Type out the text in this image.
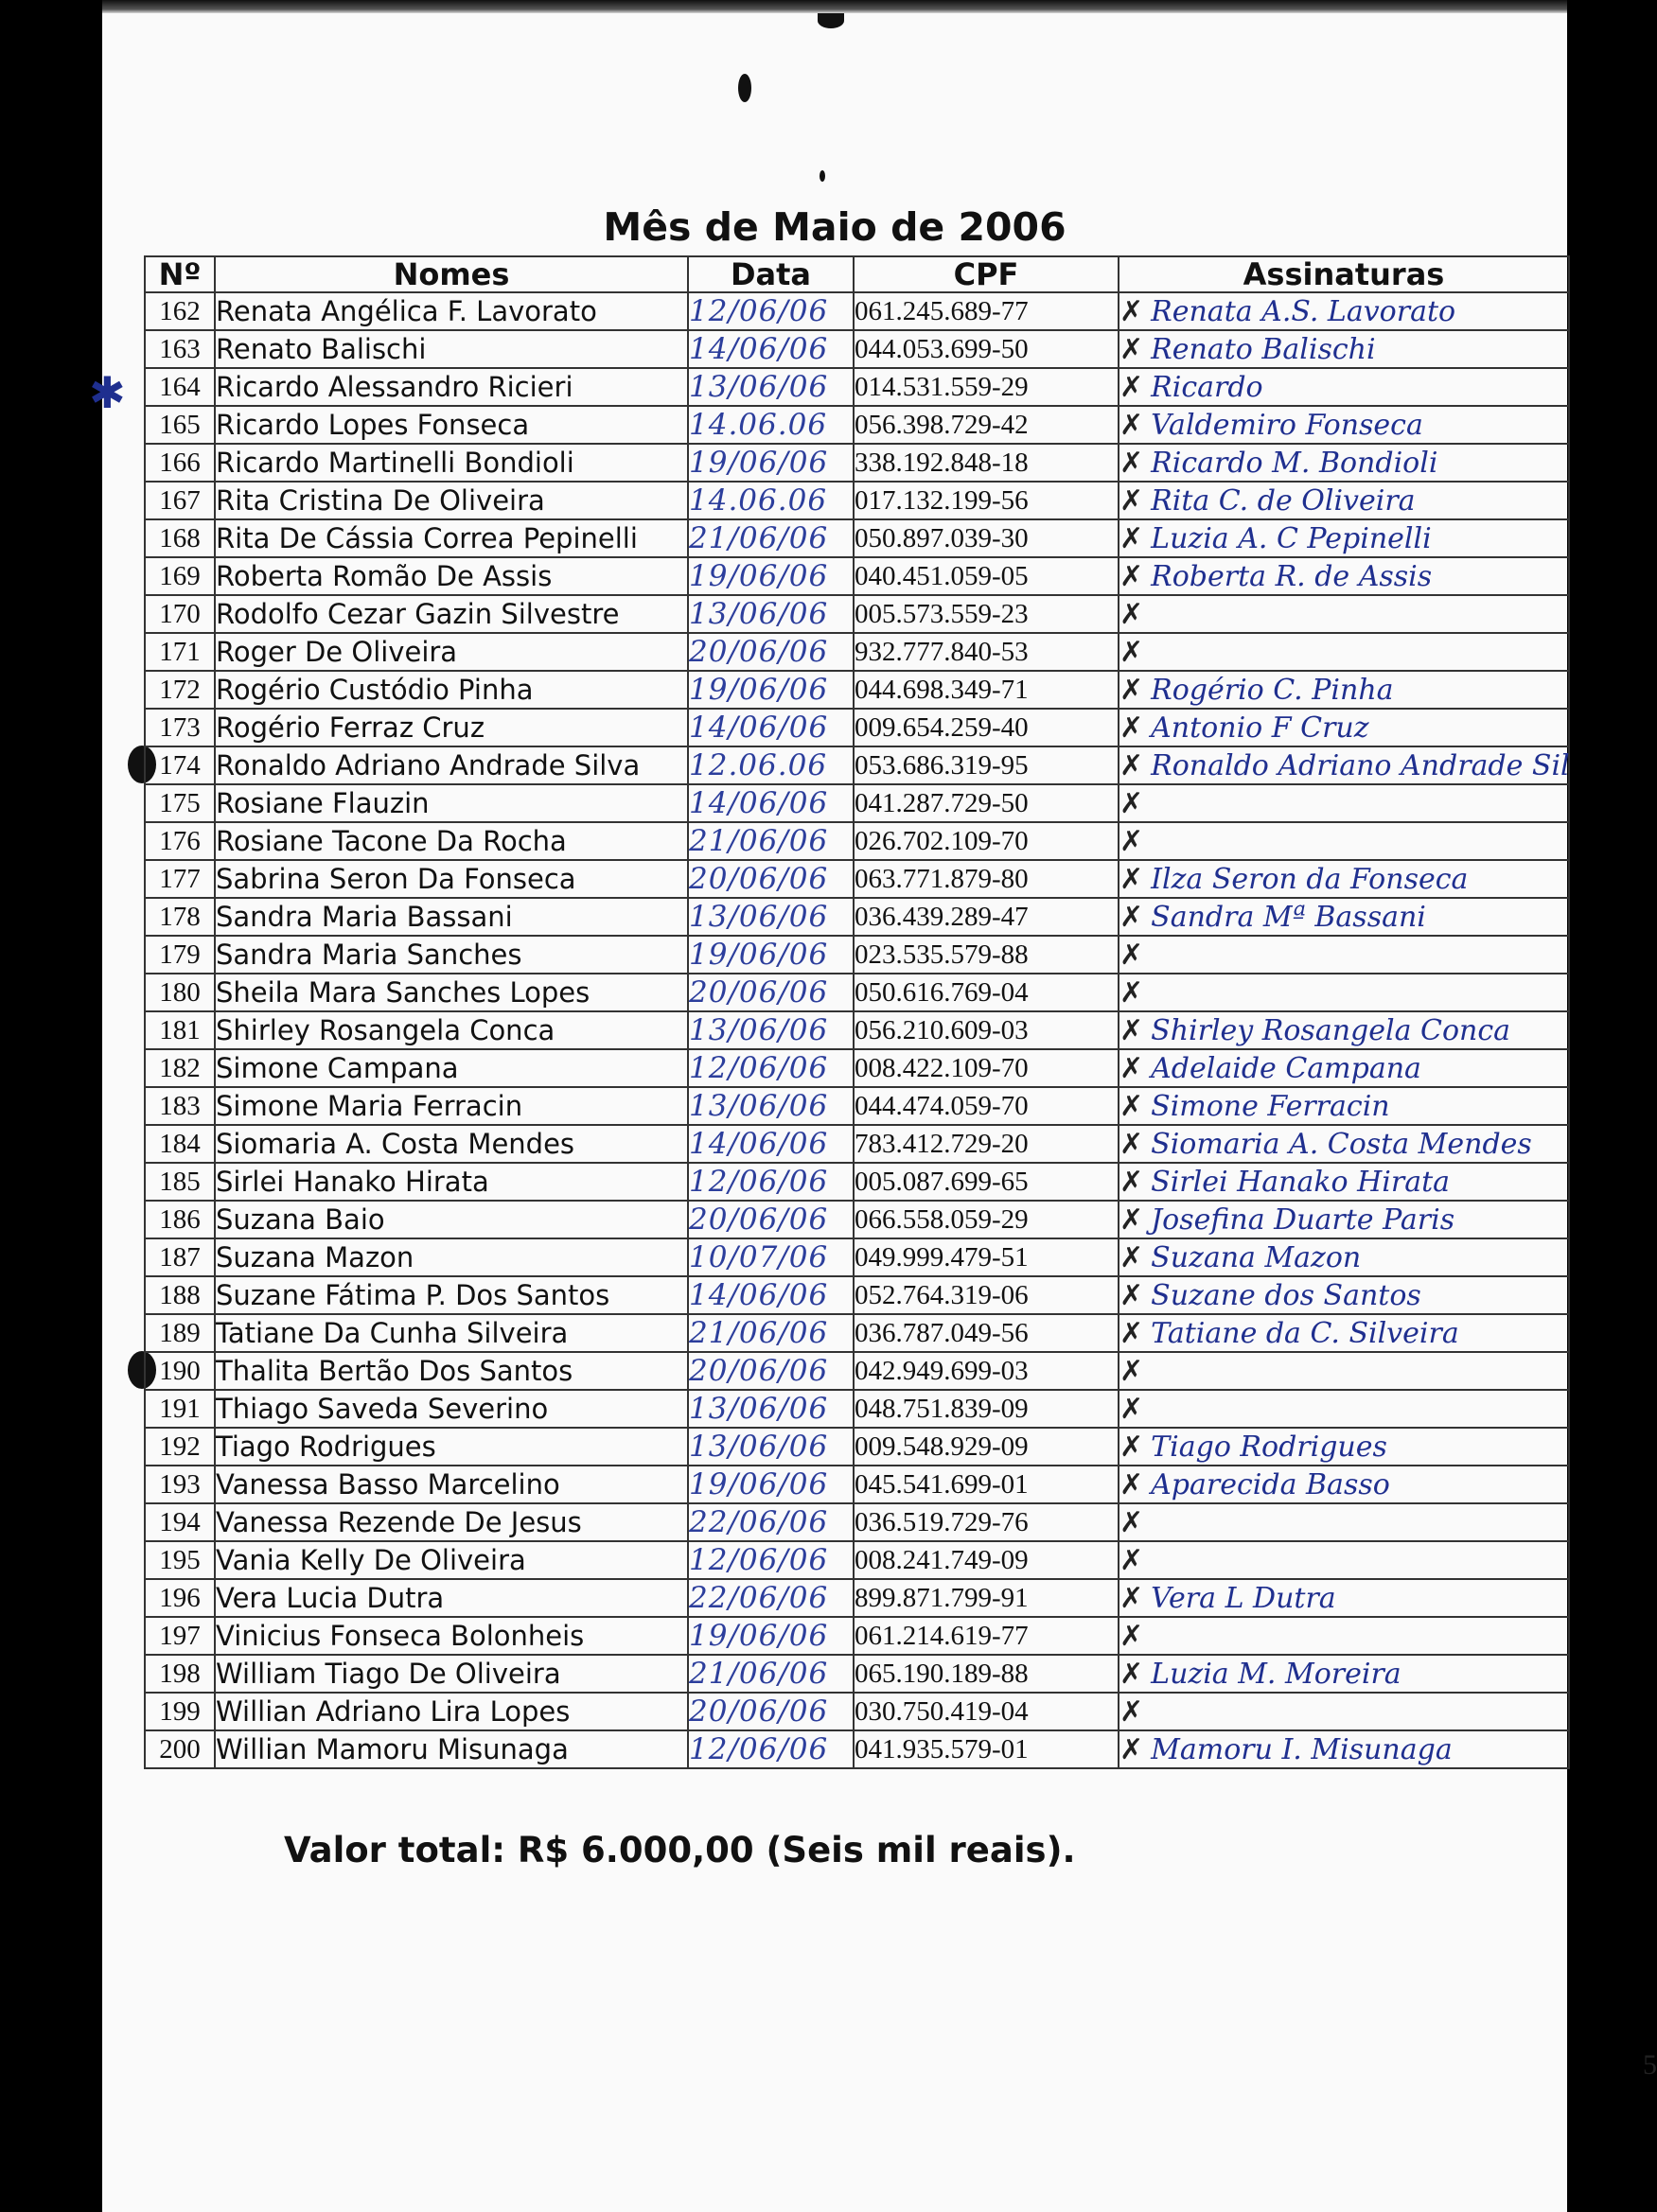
Mês de Maio de 2006
5
Valor total: R$ 6.000,00 (Seis mil reais).
✱
Nº	Nomes	Data	CPF	Assinaturas
162	Renata Angélica F. Lavorato	12/06/06	061.245.689-77	✗ Renata A.S. Lavorato
163	Renato Balischi	14/06/06	044.053.699-50	✗ Renato Balischi
164	Ricardo Alessandro Ricieri	13/06/06	014.531.559-29	✗ Ricardo
165	Ricardo Lopes Fonseca	14.06.06	056.398.729-42	✗ Valdemiro Fonseca
166	Ricardo Martinelli Bondioli	19/06/06	338.192.848-18	✗ Ricardo M. Bondioli
167	Rita Cristina De Oliveira	14.06.06	017.132.199-56	✗ Rita C. de Oliveira
168	Rita De Cássia Correa Pepinelli	21/06/06	050.897.039-30	✗ Luzia A. C Pepinelli
169	Roberta Romão De Assis	19/06/06	040.451.059-05	✗ Roberta R. de Assis
170	Rodolfo Cezar Gazin Silvestre	13/06/06	005.573.559-23	✗
171	Roger De Oliveira	20/06/06	932.777.840-53	✗
172	Rogério Custódio Pinha	19/06/06	044.698.349-71	✗ Rogério C. Pinha
173	Rogério Ferraz Cruz	14/06/06	009.654.259-40	✗ Antonio F Cruz
174	Ronaldo Adriano Andrade Silva	12.06.06	053.686.319-95	✗ Ronaldo Adriano Andrade Sil
175	Rosiane Flauzin	14/06/06	041.287.729-50	✗
176	Rosiane Tacone Da Rocha	21/06/06	026.702.109-70	✗
177	Sabrina Seron Da Fonseca	20/06/06	063.771.879-80	✗ Ilza Seron da Fonseca
178	Sandra Maria Bassani	13/06/06	036.439.289-47	✗ Sandra Mª Bassani
179	Sandra Maria Sanches	19/06/06	023.535.579-88	✗
180	Sheila Mara Sanches Lopes	20/06/06	050.616.769-04	✗
181	Shirley Rosangela Conca	13/06/06	056.210.609-03	✗ Shirley Rosangela Conca
182	Simone Campana	12/06/06	008.422.109-70	✗ Adelaide Campana
183	Simone Maria Ferracin	13/06/06	044.474.059-70	✗ Simone Ferracin
184	Siomaria A. Costa Mendes	14/06/06	783.412.729-20	✗ Siomaria A. Costa Mendes
185	Sirlei Hanako Hirata	12/06/06	005.087.699-65	✗ Sirlei Hanako Hirata
186	Suzana Baio	20/06/06	066.558.059-29	✗ Josefina Duarte Paris
187	Suzana Mazon	10/07/06	049.999.479-51	✗ Suzana Mazon
188	Suzane Fátima P. Dos Santos	14/06/06	052.764.319-06	✗ Suzane dos Santos
189	Tatiane Da Cunha Silveira	21/06/06	036.787.049-56	✗ Tatiane da C. Silveira
190	Thalita Bertão Dos Santos	20/06/06	042.949.699-03	✗
191	Thiago Saveda Severino	13/06/06	048.751.839-09	✗
192	Tiago Rodrigues	13/06/06	009.548.929-09	✗ Tiago Rodrigues
193	Vanessa Basso Marcelino	19/06/06	045.541.699-01	✗ Aparecida Basso
194	Vanessa Rezende De Jesus	22/06/06	036.519.729-76	✗
195	Vania Kelly De Oliveira	12/06/06	008.241.749-09	✗
196	Vera Lucia Dutra	22/06/06	899.871.799-91	✗ Vera L Dutra
197	Vinicius Fonseca Bolonheis	19/06/06	061.214.619-77	✗
198	William Tiago De Oliveira	21/06/06	065.190.189-88	✗ Luzia M. Moreira
199	Willian Adriano Lira Lopes	20/06/06	030.750.419-04	✗
200	Willian Mamoru Misunaga	12/06/06	041.935.579-01	✗ Mamoru I. Misunaga
